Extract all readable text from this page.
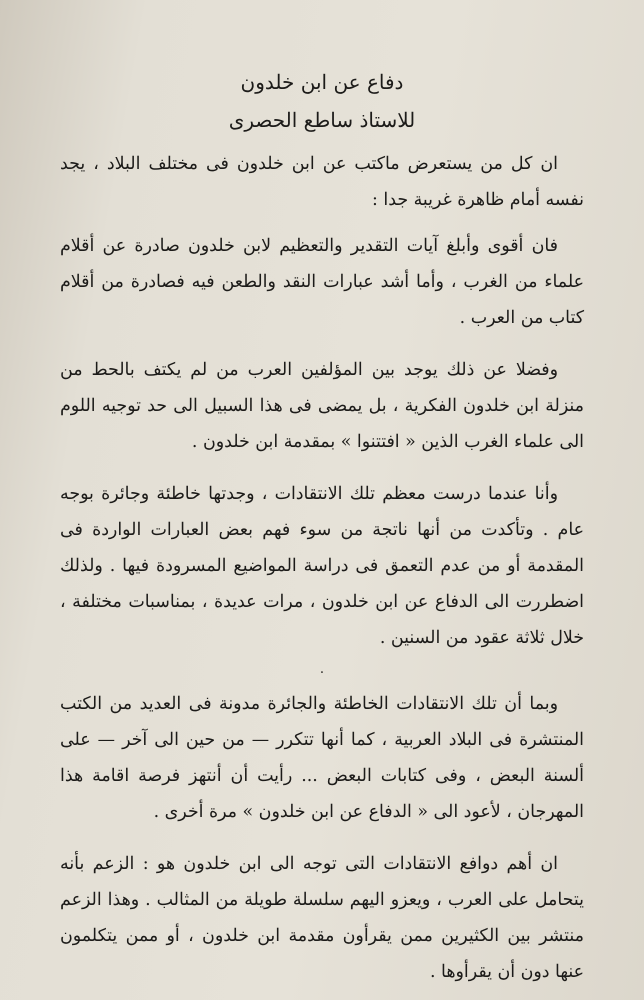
دفاع عن ابن خلدون
للاستاذ ساطع الحصرى

ان كل من يستعرض ماكتب عن ابن خلدون فى مختلف البلاد ، يجد نفسه أمام ظاهرة غريبة جدا :

فان أقوى وأبلغ آيات التقدير والتعظيم لابن خلدون صادرة عن أقلام علماء من الغرب ، وأما أشد عبارات النقد والطعن فيه فصادرة من أقلام كتاب من العرب .

وفضلا عن ذلك يوجد بين المؤلفين العرب من لم يكتف بالحط من منزلة ابن خلدون الفكرية ، بل يمضى فى هذا السبيل الى حد توجيه اللوم الى علماء الغرب الذين « افتتنوا » بمقدمة ابن خلدون .

وأنا عندما درست معظم تلك الانتقادات ، وجدتها خاطئة وجائرة بوجه عام . وتأكدت من أنها ناتجة من سوء فهم بعض العبارات الواردة فى المقدمة أو من عدم التعمق فى دراسة المواضيع المسرودة فيها . ولذلك اضطررت الى الدفاع عن ابن خلدون ، مرات عديدة ، بمناسبات مختلفة ، خلال ثلاثة عقود من السنين .

·

وبما أن تلك الانتقادات الخاطئة والجائرة مدونة فى العديد من الكتب المنتشرة فى البلاد العربية ، كما أنها تتكرر — من حين الى آخر — على ألسنة البعض ، وفى كتابات البعض ... رأيت أن أنتهز فرصة اقامة هذا المهرجان ، لأعود الى « الدفاع عن ابن خلدون » مرة أخرى .

ان أهم دوافع الانتقادات التى توجه الى ابن خلدون هو : الزعم بأنه يتحامل على العرب ، ويعزو اليهم سلسلة طويلة من المثالب . وهذا الزعم منتشر بين الكثيرين ممن يقرأون مقدمة ابن خلدون ، أو ممن يتكلمون عنها دون أن يقرأوها .
